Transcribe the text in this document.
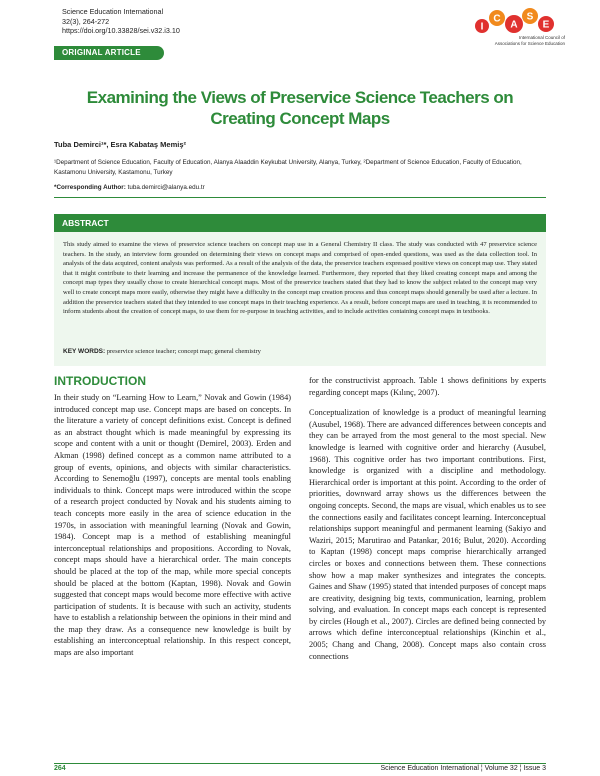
Science Education International
32(3), 264-272
https://doi.org/10.33828/sei.v32.i3.10	I
C
A
S
E
International Council of
Associations for Science Education
ORIGINAL ARTICLE
Examining the Views of Preservice Science Teachers on Creating Concept Maps
Tuba Demirci¹*, Esra Kabataş Memiş²
¹Department of Science Education, Faculty of Education, Alanya Alaaddin Keykubat University, Alanya, Turkey, ²Department of Science Education, Faculty of Education, Kastamonu University, Kastamonu, Turkey
*Corresponding Author: tuba.demirci@alanya.edu.tr
ABSTRACT
This study aimed to examine the views of preservice science teachers on concept map use in a General Chemistry II class. The study was conducted with 47 preservice science teachers. In the study, an interview form grounded on determining their views on concept maps and comprised of open-ended questions, was used as the data collection tool. In analysis of the data acquired, content analysis was performed. As a result of the analysis of the data, the preservice teachers expressed positive views on concept map use. They stated that it might contribute to their learning and increase the permanence of the knowledge learned. Furthermore, they reported that they liked creating concept maps and among the concept map types they usually chose to create hierarchical concept maps. Most of the preservice teachers stated that they had to know the subject related to the concept map very well to create concept maps more easily, otherwise they might have a difficulty in the concept map creation process and thus concept maps should generally be used after a lecture. In addition the preservice teachers stated that they intended to use concept maps in their teaching experience. As a result, before concept maps are used in teaching, it is recommended to inform students about the creation of concept maps, to use them for re-purpose in teaching activities, and to include activities containing concept maps in textbooks.
KEY WORDS: preservice science teacher; concept map; general chemistry
INTRODUCTION

In their study on “Learning How to Learn,” Novak and Gowin (1984) introduced concept map use. Concept maps are based on concepts. In the literature a variety of concept definitions exist. Concept is defined as an abstract thought which is made meaningful by expressing its scope and content with a unit or thought (Demirel, 2003). Erden and Akman (1998) defined concept as a common name attributed to a group of events, opinions, and objects with similar characteristics. According to Senemoğlu (1997), concepts are mental tools enabling individuals to think. Concept maps were introduced within the scope of a research project conducted by Novak and his students aiming to teach concepts more easily in the area of science education in the 1970s, in association with meaningful learning (Novak and Gowin, 1984). Concept map is a method of establishing meaningful interconceptual relationships and propositions. According to Novak, concept maps should have a hierarchical order. The main concepts should be placed at the top of the map, while more special concepts should be placed at the bottom (Kaptan, 1998). Novak and Gowin suggested that concept maps would become more effective with active participation of students. It is because with such an activity, students have to establish a relationship between the opinions in their mind and the map they draw. As a consequence new knowledge is built by establishing an interconceptual relationship. In this respect concept, maps are also important

for the constructivist approach. Table 1 shows definitions by experts regarding concept maps (Kılınç, 2007).

Conceptualization of knowledge is a product of meaningful learning (Ausubel, 1968). There are advanced differences between concepts and they can be arrayed from the most general to the most special. New knowledge is learned with cognitive order and hierarchy (Ausubel, 1968). This cognitive order has two important contributions. First, knowledge is organized with a discipline and methodology. Hierarchical order is important at this point. According to the order of priorities, downward array shows us the differences between the ongoing concepts. Second, the maps are visual, which enables us to see the connections easily and facilitates concept learning. Interconceptual relationships support meaningful and permanent learning (Sakiyo and Waziri, 2015; Marutirao and Patankar, 2016; Bulut, 2020). According to Kaptan (1998) concept maps comprise hierarchically arranged circles or boxes and connections between them. These connections show how a map maker synthesizes and integrates the concepts. Gaines and Shaw (1995) stated that intended purposes of concept maps are creativity, designing big texts, communication, learning, problem solving, and evaluation. In concept maps each concept is represented by circles (Hough et al., 2007). Circles are defined being connected by arrows which define interconceptual relationships (Kinchin et al., 2005; Chang and Chang, 2008). Concept maps also contain cross connections

264	Science Education International ¦ Volume 32 ¦ Issue 3
